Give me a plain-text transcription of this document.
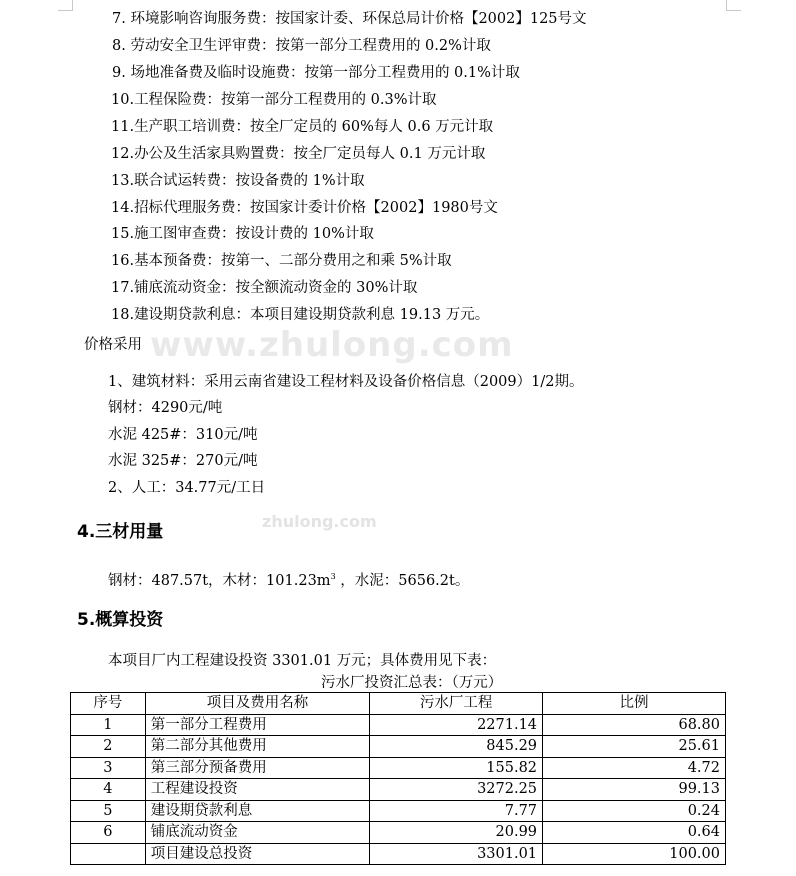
7. 环境影响咨询服务费：按国家计委、环保总局计价格【2002】125号文
8. 劳动安全卫生评审费：按第一部分工程费用的 0.2%计取
9. 场地准备费及临时设施费：按第一部分工程费用的 0.1%计取
10.工程保险费：按第一部分工程费用的 0.3%计取
11.生产职工培训费：按全厂定员的 60%每人 0.6 万元计取
12.办公及生活家具购置费：按全厂定员每人 0.1 万元计取
13.联合试运转费：按设备费的 1%计取
14.招标代理服务费：按国家计委计价格【2002】1980号文
15.施工图审查费：按设计费的 10%计取
16.基本预备费：按第一、二部分费用之和乘 5%计取
17.铺底流动资金：按全额流动资金的 30%计取
18.建设期贷款利息：本项目建设期贷款利息 19.13 万元。
www.zhulong.com
zhulong.com
价格采用
1、建筑材料：采用云南省建设工程材料及设备价格信息（2009）1/2期。
钢材：4290元/吨
水泥 425#：310元/吨
水泥 325#：270元/吨
2、人工：34.77元/工日
4.三材用量
钢材：487.57t，木材：$101.23m^3$ ，水泥：5656.2t。
5.概算投资
本项目厂内工程建设投资 3301.01 万元；具体费用见下表：
污水厂投资汇总表：（万元）
序号	项目及费用名称	污水厂工程	比例
1	第一部分工程费用	2271.14	68.80
2	第二部分其他费用	845.29	25.61
3	第三部分预备费用	155.82	4.72
4	工程建设投资	3272.25	99.13
5	建设期贷款利息	7.77	0.24
6	铺底流动资金	20.99	0.64
	项目建设总投资	3301.01	100.00
